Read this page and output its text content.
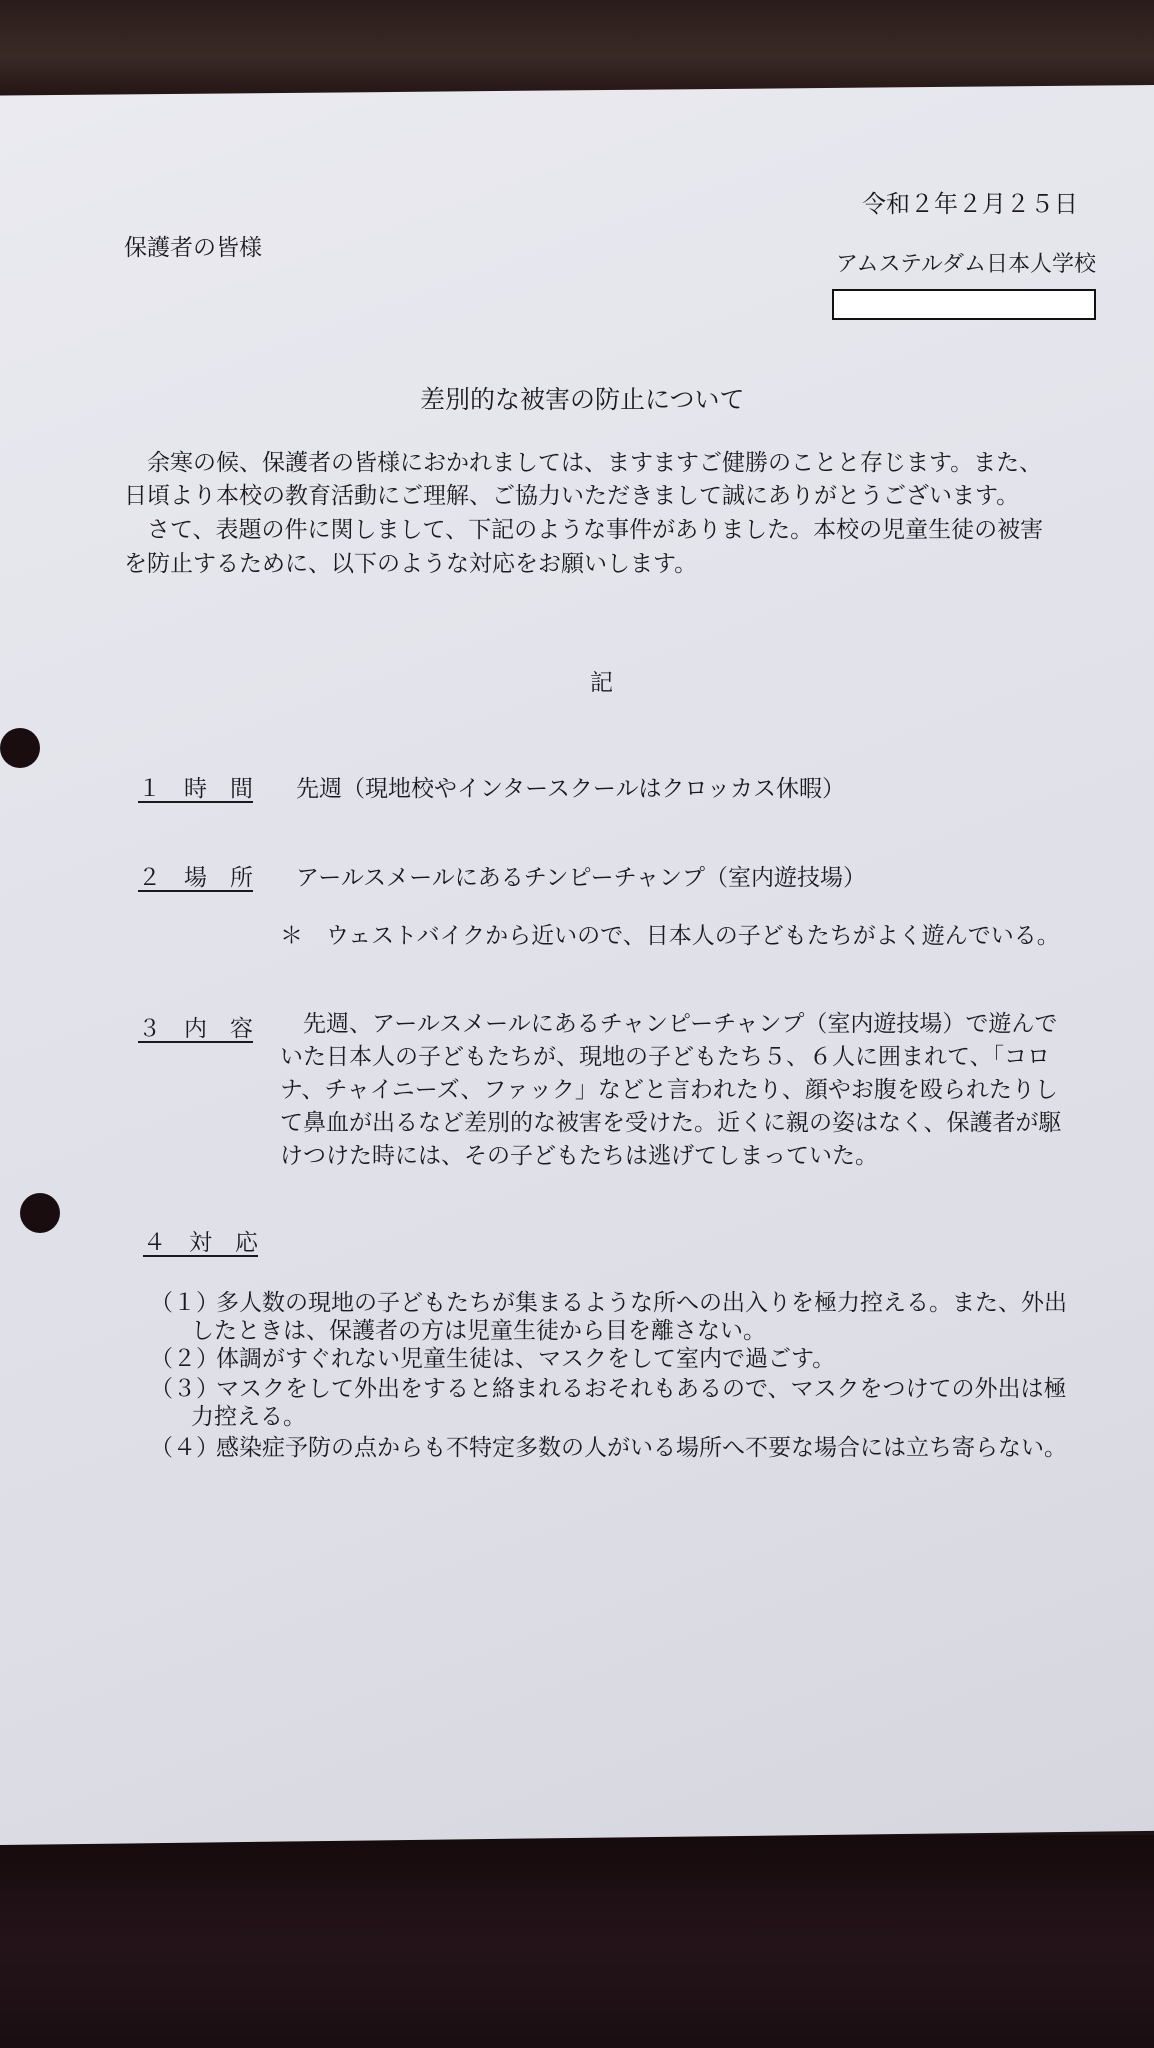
令和２年２月２５日
保護者の皆様
アムステルダム日本人学校
差別的な被害の防止について
　余寒の候、保護者の皆様におかれましては、ますますご健勝のことと存じます。また、
日頃より本校の教育活動にご理解、ご協力いただきまして誠にありがとうございます。
　さて、表題の件に関しまして、下記のような事件がありました。本校の児童生徒の被害
を防止するために、以下のような対応をお願いします。
記
１　時　間 先週（現地校やインタースクールはクロッカス休暇）
２　場　所 アールスメールにあるチンピーチャンプ（室内遊技場）
＊　ウェストバイクから近いので、日本人の子どもたちがよく遊んでいる。
３　内　容 　先週、アールスメールにあるチャンピーチャンプ（室内遊技場）で遊んで
いた日本人の子どもたちが、現地の子どもたち５、６人に囲まれて、「コロ
ナ、チャイニーズ、ファック」などと言われたり、顔やお腹を殴られたりし
て鼻血が出るなど差別的な被害を受けた。近くに親の姿はなく、保護者が駆
けつけた時には、その子どもたちは逃げてしまっていた。
４　対　応
（１）
多人数の現地の子どもたちが集まるような所への出入りを極力控える。また、外出
したときは、保護者の方は児童生徒から目を離さない。
（２）
体調がすぐれない児童生徒は、マスクをして室内で過ごす。
（３）
マスクをして外出をすると絡まれるおそれもあるので、マスクをつけての外出は極
力控える。
（４）
感染症予防の点からも不特定多数の人がいる場所へ不要な場合には立ち寄らない。
